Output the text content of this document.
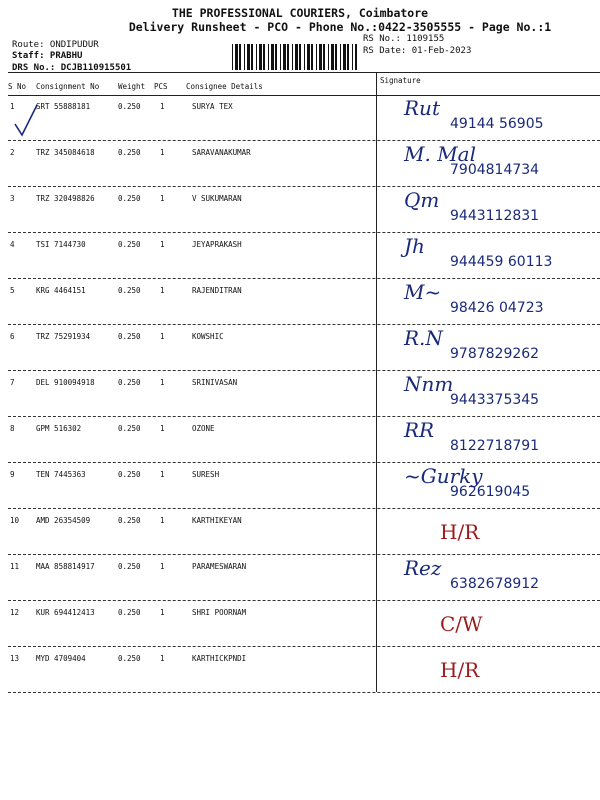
THE PROFESSIONAL COURIERS, Coimbatore
Delivery Runsheet - PCO - Phone No.:0422-3505555 - Page No.:1
Route: ONDIPUDUR
Staff: PRABHU
DRS No.: DCJB110915501
RS No.: 1109155
RS Date: 01-Feb-2023
S No Consignment No	Weight PCS Consignee Details
Signature
1	SRT 55888181	0.250	1	SURYA TEX	Rut
49144 56905
2	TRZ 345084618	0.250	1	SARAVANAKUMAR	M. Mal
7904814734
3	TRZ 320498826	0.250	1	V SUKUMARAN	Qm
9443112831
4	TSI 7144730	0.250	1	JEYAPRAKASH	Jh
944459 60113
5	KRG 4464151	0.250	1	RAJENDITRAN	M~
98426 04723
6	TRZ 75291934	0.250	1	KOWSHIC	R.N
9787829262
7	DEL 910094918	0.250	1	SRINIVASAN	Nnm
9443375345
8	GPM 516302	0.250	1	OZONE	RR
8122718791
9	TEN 7445363	0.250	1	SURESH	~Gurky
962619045
10 AMD 26354509	0.250	1	KARTHIKEYAN	H/R
11 MAA 858814917	0.250	1	PARAMESWARAN	Rez
6382678912
12 KUR 694412413	0.250	1	SHRI POORNAM	C/W
13 MYD 4709404	0.250	1	KARTHICKPNDI	H/R
